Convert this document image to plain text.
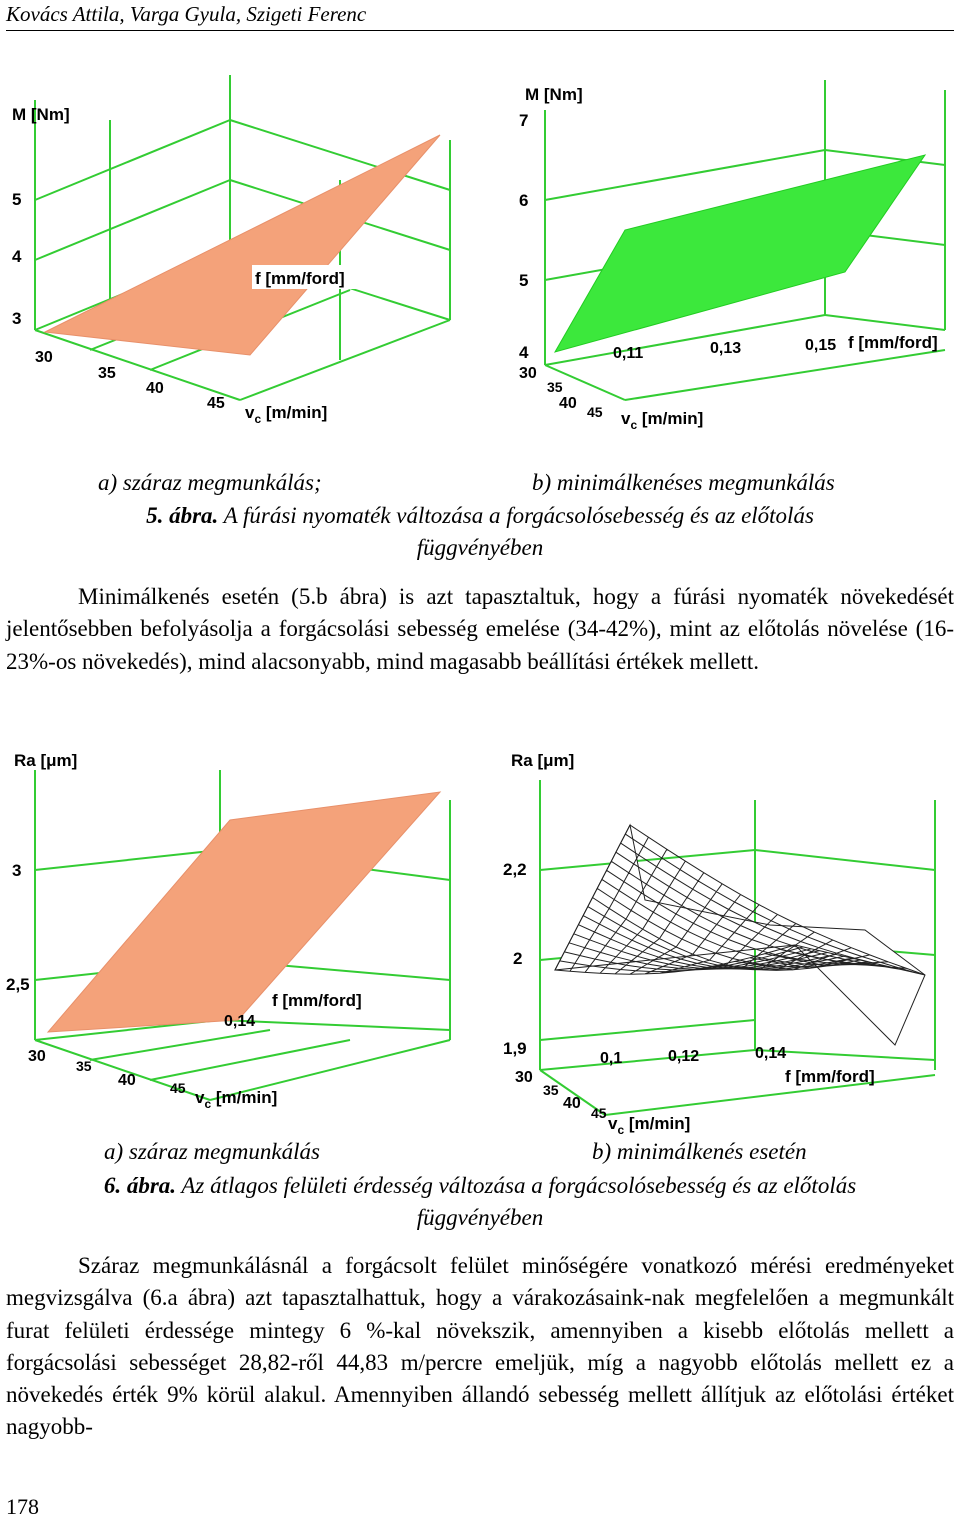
Kovács Attila, Varga Gyula, Szigeti Ferenc
M [Nm]
5
4
3
f [mm/ford]
30
35
40
45 $v_c$ [m/min]
M [Nm]
7
6
5
4	0,11	0,13	0,15 f [mm/ford]
30
35
40 45 $v_c$ [m/min]
a) száraz megmunkálás;	b) minimálkenéses megmunkálás
5. ábra. A fúrási nyomaték változása a forgácsolósebesség és az előtolás
függvényében
Minimálkenés esetén (5.b ábra) is azt tapasztaltuk, hogy a fúrási nyomaték növekedését jelentősebben befolyásolja a forgácsolási sebesség emelése (34-42%), mint az előtolás növelése (16-23%-os növekedés), mind alacsonyabb, mind magasabb beállítási értékek mellett.
Ra [μm]
3
2,5
f [mm/ford]
0,14
30
35
40 45 $v_c$ [m/min]
Ra [μm]
2,2
2
1,9
0,1	0,12	0,14
f [mm/ford]
30
35
40
45
$v_c$ [m/min]
a) száraz megmunkálás	b) minimálkenés esetén
6. ábra. Az átlagos felületi érdesség változása a forgácsolósebesség és az előtolás
függvényében
Száraz megmunkálásnál a forgácsolt felület minőségére vonatkozó mérési eredményeket megvizsgálva (6.a ábra) azt tapasztalhattuk, hogy a várakozásaink-nak megfelelően a megmunkált furat felületi érdessége mintegy 6 %-kal növekszik, amennyiben a kisebb előtolás mellett a forgácsolási sebességet 28,82-ről 44,83 m/percre emeljük, míg a nagyobb előtolás mellett ez a növekedés érték 9% körül alakul. Amennyiben állandó sebesség mellett állítjuk az előtolási értéket nagyobb-
178
